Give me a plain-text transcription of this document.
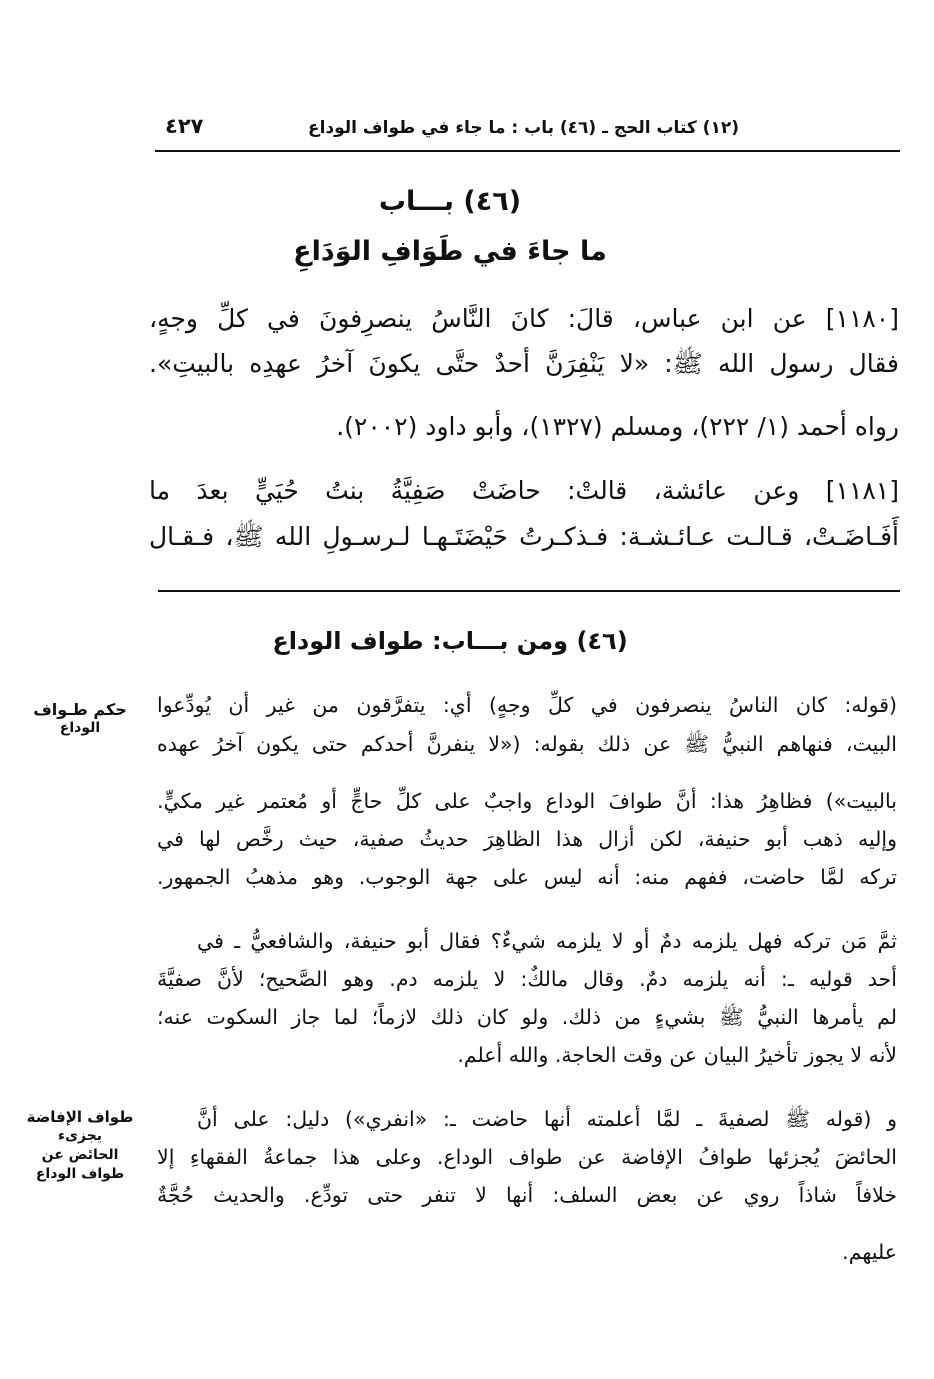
(١٢) كتاب الحج ـ (٤٦) باب : ما جاء في طواف الوداع
٤٢٧
(٤٦) بـــاب
ما جاءَ في طَوَافِ الوَدَاعِ
[١١٨٠] عن ابن عباس، قالَ: كانَ النَّاسُ ينصرِفونَ في كلِّ وجهٍ،
فقال رسول الله ﷺ: «لا يَنْفِرَنَّ أحدٌ حتَّى يكونَ آخرُ عهدِه بالبيتِ».
رواه أحمد (١/ ٢٢٢)، ومسلم (١٣٢٧)، وأبو داود (٢٠٠٢).
[١١٨١] وعن عائشة، قالتْ: حاضَتْ صَفِيَّةُ بنتُ حُيَيٍّ بعدَ ما
أَفَـاضَـتْ، قـالـت عـائـشـة: فـذكـرتُ حَيْضَتَـهـا لـرسـولِ الله ﷺ، فـقـال
(٤٦) ومن بـــاب: طواف الوداع
(قوله: كان الناسُ ينصرفون في كلِّ وجهٍ) أي: يتفرَّقون من غير أن يُودِّعوا
البيت، فنهاهم النبيُّ ﷺ عن ذلك بقوله: («لا ينفرنَّ أحدكم حتى يكون آخرُ عهده
بالبيت») فظاهِرُ هذا: أنَّ طوافَ الوداع واجبٌ على كلِّ حاجٍّ أو مُعتمر غير مكيٍّ.
وإليه ذهب أبو حنيفة، لكن أزال هذا الظاهِرَ حديثُ صفية، حيث رخَّص لها في
تركه لمَّا حاضت، ففهم منه: أنه ليس على جهة الوجوب. وهو مذهبُ الجمهور.
ثمَّ مَن تركه فهل يلزمه دمٌ أو لا يلزمه شيءٌ؟ فقال أبو حنيفة، والشافعيُّ ـ في
أحد قوليه ـ: أنه يلزمه دمٌ. وقال مالكٌ: لا يلزمه دم. وهو الصَّحيح؛ لأنَّ صفيَّةَ
لم يأمرها النبيُّ ﷺ بشيءٍ من ذلك. ولو كان ذلك لازماً؛ لما جاز السكوت عنه؛
لأنه لا يجوز تأخيرُ البيان عن وقت الحاجة. والله أعلم.
و (قوله ﷺ لصفيةَ ـ لمَّا أعلمته أنها حاضت ـ: «انفري») دليل: على أنَّ
الحائضَ يُجزئها طوافُ الإفاضة عن طواف الوداع. وعلى هذا جماعةُ الفقهاءِ إلا
خلافاً شاذاً روي عن بعض السلف: أنها لا تنفر حتى تودِّع. والحديث حُجَّةٌ
عليهم.
حكم طـواف
الوداع
طواف الإفاضة
يجزىء
الحائض عن
طواف الوداع
